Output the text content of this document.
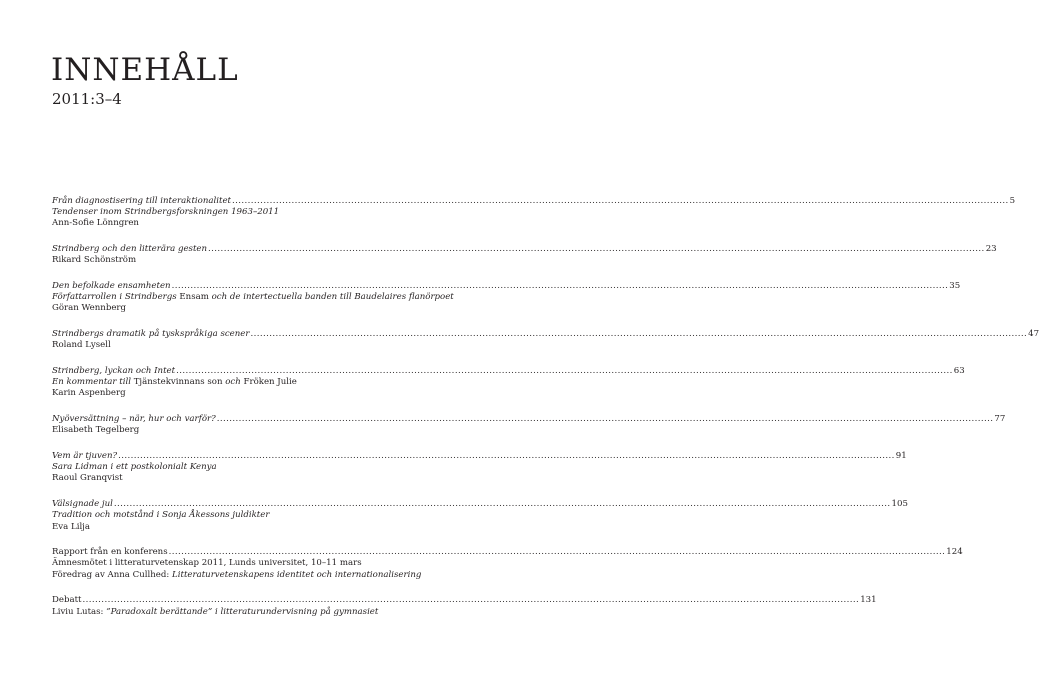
INNEHÅLL
2011:3–4
Från diagnostisering till interaktionalitet .....	5
Tendenser inom Strindbergsforskningen 1963–2011
Ann-Sofie Lönngren
Strindberg och den litterära gesten .....	23
Rikard Schönström
Den befolkade ensamheten .....	35
Författarrollen i Strindbergs Ensam och de intertectuella banden till Baudelaires flanörpoet
Göran Wennberg
Strindbergs dramatik på tyskspråkiga scener .....	47
Roland Lysell
Strindberg, lyckan och Intet .....	63
En kommentar till Tjänstekvinnans son och Fröken Julie
Karin Aspenberg
Nyöversättning – när, hur och varför? .....	77
Elisabeth Tegelberg
Vem är tjuven? .....	91
Sara Lidman i ett postkolonialt Kenya
Raoul Granqvist
Välsignade jul .....	105
Tradition och motstånd i Sonja Åkessons juldikter
Eva Lilja
Rapport från en konferens .....	124
Ämnesmötet i litteraturvetenskap 2011, Lunds universitet, 10–11 mars
Föredrag av Anna Cullhed: Litteraturvetenskapens identitet och internationalisering
Debatt .....	131
Liviu Lutas: ”Paradoxalt berättande” i litteraturundervisning på gymnasiet
